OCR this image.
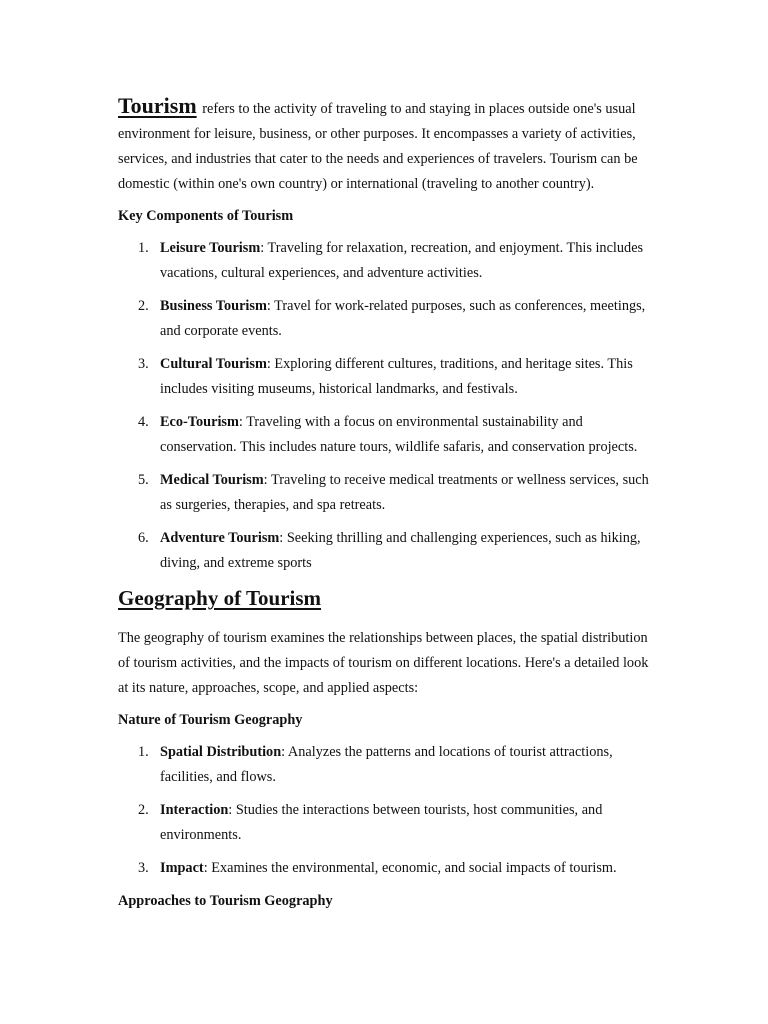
Tourism refers to the activity of traveling to and staying in places outside one's usual environment for leisure, business, or other purposes. It encompasses a variety of activities, services, and industries that cater to the needs and experiences of travelers. Tourism can be domestic (within one's own country) or international (traveling to another country).

Key Components of Tourism
1. Leisure Tourism: Traveling for relaxation, recreation, and enjoyment. This includes vacations, cultural experiences, and adventure activities.
2. Business Tourism: Travel for work-related purposes, such as conferences, meetings, and corporate events.
3. Cultural Tourism: Exploring different cultures, traditions, and heritage sites. This includes visiting museums, historical landmarks, and festivals.
4. Eco-Tourism: Traveling with a focus on environmental sustainability and conservation. This includes nature tours, wildlife safaris, and conservation projects.
5. Medical Tourism: Traveling to receive medical treatments or wellness services, such as surgeries, therapies, and spa retreats.
6. Adventure Tourism: Seeking thrilling and challenging experiences, such as hiking, diving, and extreme sports
Geography of Tourism

The geography of tourism examines the relationships between places, the spatial distribution of tourism activities, and the impacts of tourism on different locations. Here's a detailed look at its nature, approaches, scope, and applied aspects:

Nature of Tourism Geography
1. Spatial Distribution: Analyzes the patterns and locations of tourist attractions, facilities, and flows.
2. Interaction: Studies the interactions between tourists, host communities, and environments.
3. Impact: Examines the environmental, economic, and social impacts of tourism.
Approaches to Tourism Geography
